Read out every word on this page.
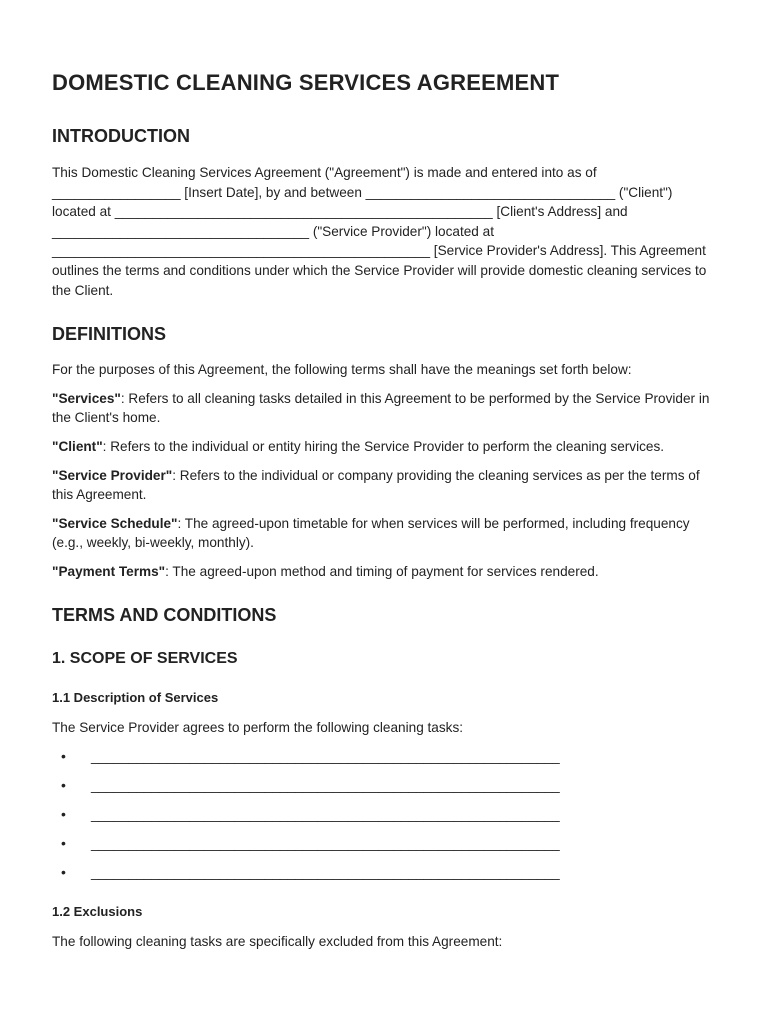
DOMESTIC CLEANING SERVICES AGREEMENT
INTRODUCTION

This Domestic Cleaning Services Agreement ("Agreement") is made and entered into as of _________________ [Insert Date], by and between _________________________________ ("Client") located at __________________________________________________ [Client's Address] and __________________________________ ("Service Provider") located at __________________________________________________ [Service Provider's Address]. This Agreement outlines the terms and conditions under which the Service Provider will provide domestic cleaning services to the Client.

DEFINITIONS

For the purposes of this Agreement, the following terms shall have the meanings set forth below:

"Services": Refers to all cleaning tasks detailed in this Agreement to be performed by the Service Provider in the Client's home.

"Client": Refers to the individual or entity hiring the Service Provider to perform the cleaning services.

"Service Provider": Refers to the individual or company providing the cleaning services as per the terms of this Agreement.

"Service Schedule": The agreed-upon timetable for when services will be performed, including frequency (e.g., weekly, bi-weekly, monthly).

"Payment Terms": The agreed-upon method and timing of payment for services rendered.

TERMS AND CONDITIONS
1. SCOPE OF SERVICES
1.1 Description of Services

The Service Provider agrees to perform the following cleaning tasks:

• ______________________________________________________________
• ______________________________________________________________
• ______________________________________________________________
• ______________________________________________________________
• ______________________________________________________________
1.2 Exclusions

The following cleaning tasks are specifically excluded from this Agreement:
